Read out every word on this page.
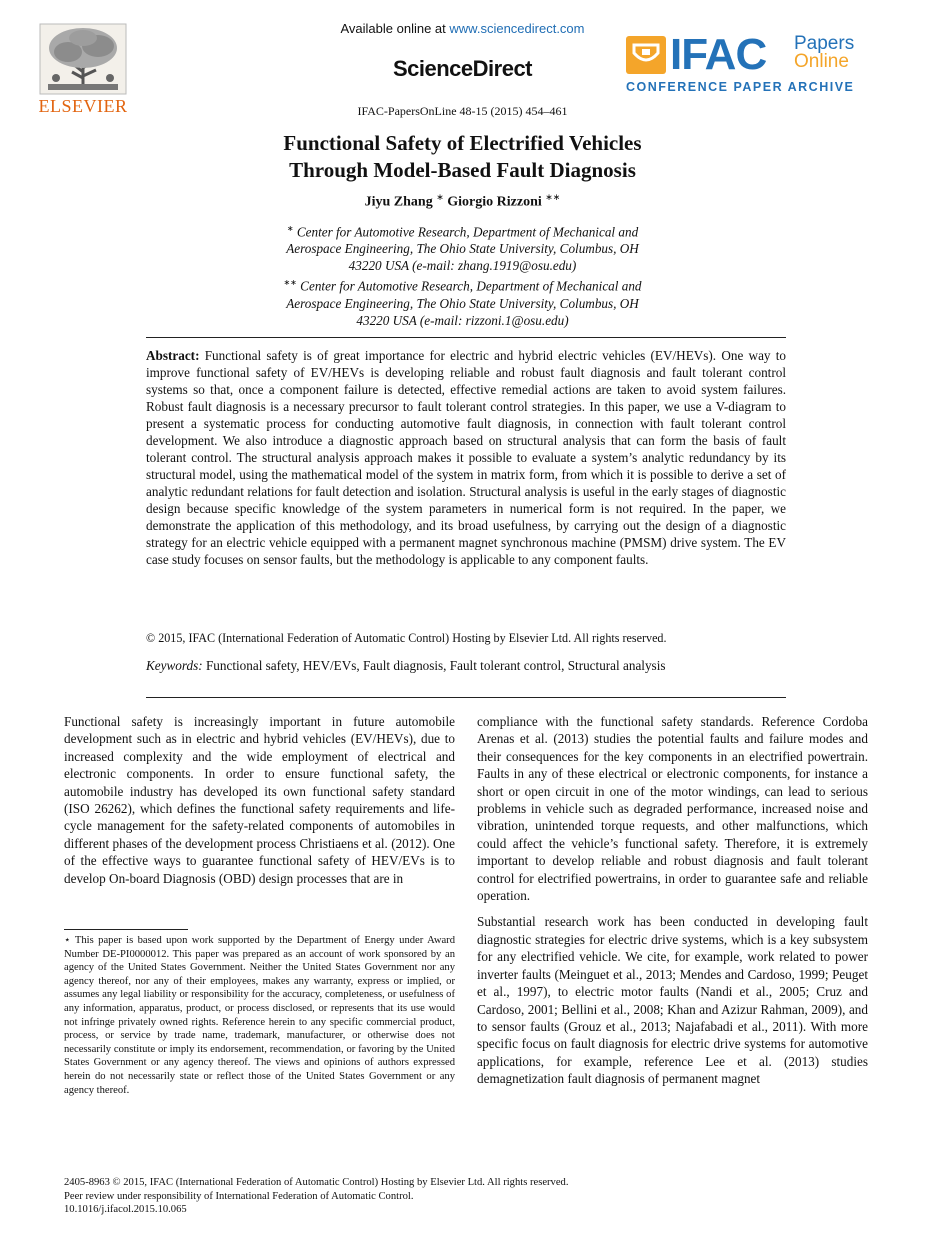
ELSEVIER
Available online at www.sciencedirect.com
ScienceDirect
IFAC-PapersOnLine 48-15 (2015) 454–461
IFAC Papers
Online
CONFERENCE PAPER ARCHIVE
Functional Safety of Electrified Vehicles
Through Model-Based Fault Diagnosis
Jiyu Zhang ∗ Giorgio Rizzoni ∗∗
∗ Center for Automotive Research, Department of Mechanical and
Aerospace Engineering, The Ohio State University, Columbus, OH
43220 USA (e-mail: zhang.1919@osu.edu)
∗∗ Center for Automotive Research, Department of Mechanical and
Aerospace Engineering, The Ohio State University, Columbus, OH
43220 USA (e-mail: rizzoni.1@osu.edu)
Abstract: Functional safety is of great importance for electric and hybrid electric vehicles (EV/HEVs). One way to improve functional safety of EV/HEVs is developing reliable and robust fault diagnosis and fault tolerant control systems so that, once a component failure is detected, effective remedial actions are taken to avoid system failures. Robust fault diagnosis is a necessary precursor to fault tolerant control strategies. In this paper, we use a V-diagram to present a systematic process for conducting automotive fault diagnosis, in connection with fault tolerant control development. We also introduce a diagnostic approach based on structural analysis that can form the basis of fault tolerant control. The structural analysis approach makes it possible to evaluate a system’s analytic redundancy by its structural model, using the mathematical model of the system in matrix form, from which it is possible to derive a set of analytic redundant relations for fault detection and isolation. Structural analysis is useful in the early stages of diagnostic design because specific knowledge of the system parameters in numerical form is not required. In the paper, we demonstrate the application of this methodology, and its broad usefulness, by carrying out the design of a diagnostic strategy for an electric vehicle equipped with a permanent magnet synchronous machine (PMSM) drive system. The EV case study focuses on sensor faults, but the methodology is applicable to any component faults.
© 2015, IFAC (International Federation of Automatic Control) Hosting by Elsevier Ltd. All rights reserved.
Keywords: Functional safety, HEV/EVs, Fault diagnosis, Fault tolerant control, Structural analysis
Functional safety is increasingly important in future automobile development such as in electric and hybrid vehicles (EV/HEVs), due to increased complexity and the wide employment of electrical and electronic components. In order to ensure functional safety, the automobile industry has developed its own functional safety standard (ISO 26262), which defines the functional safety requirements and life-cycle management for the safety-related components of automobiles in different phases of the development process Christiaens et al. (2012). One of the effective ways to guarantee functional safety of HEV/EVs is to develop On-board Diagnosis (OBD) design processes that are in
⋆ This paper is based upon work supported by the Department of Energy under Award Number DE-PI0000012. This paper was prepared as an account of work sponsored by an agency of the United States Government. Neither the United States Government nor any agency thereof, nor any of their employees, makes any warranty, express or implied, or assumes any legal liability or responsibility for the accuracy, completeness, or usefulness of any information, apparatus, product, or process disclosed, or represents that its use would not infringe privately owned rights. Reference herein to any specific commercial product, process, or service by trade name, trademark, manufacturer, or otherwise does not necessarily constitute or imply its endorsement, recommendation, or favoring by the United States Government or any agency thereof. The views and opinions of authors expressed herein do not necessarily state or reflect those of the United States Government or any agency thereof.
compliance with the functional safety standards. Reference Cordoba Arenas et al. (2013) studies the potential faults and failure modes and their consequences for the key components in an electrified powertrain. Faults in any of these electrical or electronic components, for instance a short or open circuit in one of the motor windings, can lead to serious problems in vehicle such as degraded performance, increased noise and vibration, unintended torque requests, and other malfunctions, which could affect the vehicle’s functional safety. Therefore, it is extremely important to develop reliable and robust diagnosis and fault tolerant control for electrified powertrains, in order to guarantee safe and reliable operation.
Substantial research work has been conducted in developing fault diagnostic strategies for electric drive systems, which is a key subsystem for any electrified vehicle. We cite, for example, work related to power inverter faults (Meinguet et al., 2013; Mendes and Cardoso, 1999; Peuget et al., 1997), to electric motor faults (Nandi et al., 2005; Cruz and Cardoso, 2001; Bellini et al., 2008; Khan and Azizur Rahman, 2009), and to sensor faults (Grouz et al., 2013; Najafabadi et al., 2011). With more specific focus on fault diagnosis for electric drive systems for automotive applications, for example, reference Lee et al. (2013) studies demagnetization fault diagnosis of permanent magnet
2405-8963 © 2015, IFAC (International Federation of Automatic Control) Hosting by Elsevier Ltd. All rights reserved.
Peer review under responsibility of International Federation of Automatic Control.
10.1016/j.ifacol.2015.10.065
